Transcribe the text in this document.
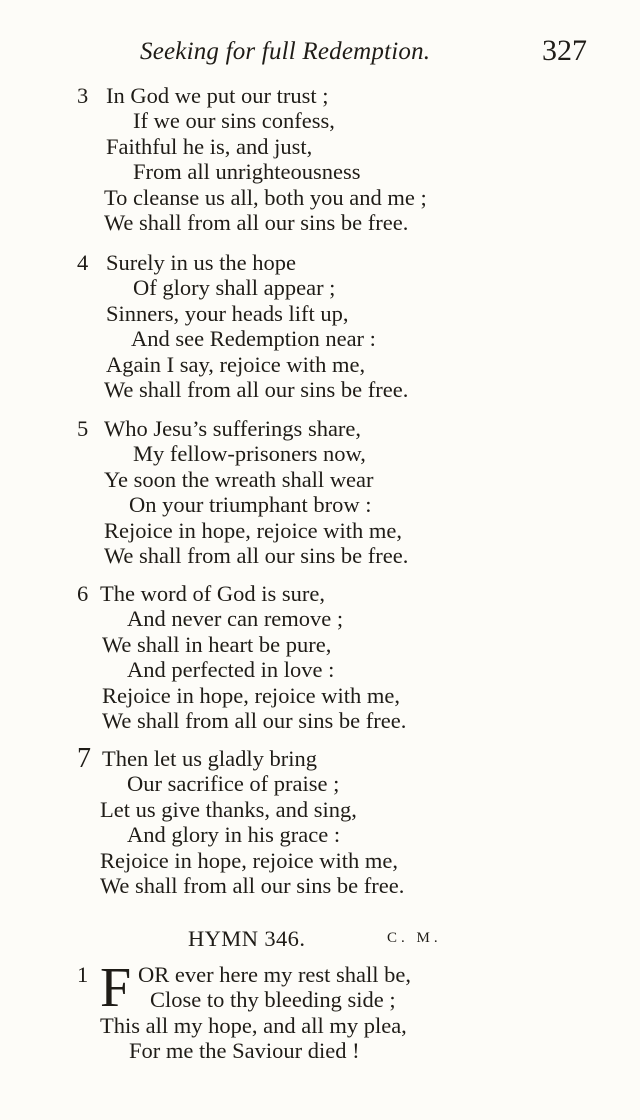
Seeking for full Redemption.	327
3 In God we put our trust ;
If we our sins confess,
Faithful he is, and just,
From all unrighteousness
To cleanse us all, both you and me ;
We shall from all our sins be free.
4 Surely in us the hope
Of glory shall appear ;
Sinners, your heads lift up,
And see Redemption near :
Again I say, rejoice with me,
We shall from all our sins be free.
5 Who Jesu’s sufferings share,
My fellow-prisoners now,
Ye soon the wreath shall wear
On your triumphant brow :
Rejoice in hope, rejoice with me,
We shall from all our sins be free.
6 The word of God is sure,
And never can remove ;
We shall in heart be pure,
And perfected in love :
Rejoice in hope, rejoice with me,
We shall from all our sins be free.
7 Then let us gladly bring
Our sacrifice of praise ;
Let us give thanks, and sing,
And glory in his grace :
Rejoice in hope, rejoice with me,
We shall from all our sins be free.
HYMN 346.	C. M.
1 F OR ever here my rest shall be,
Close to thy bleeding side ;
This all my hope, and all my plea,
For me the Saviour died !
